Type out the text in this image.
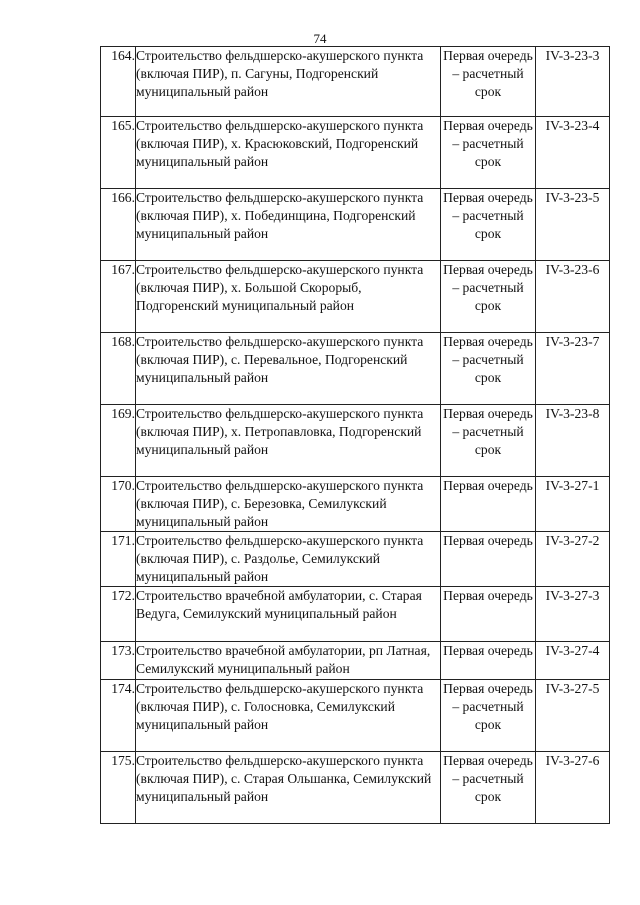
74
164.	Строительство фельдшерско-акушерского пункта (включая ПИР), п. Сагуны, Подгоренский муниципальный район	Первая очередь – расчетный срок	IV-3-23-3
165.	Строительство фельдшерско-акушерского пункта (включая ПИР), х. Красюковский, Подгоренский муниципальный район	Первая очередь – расчетный срок	IV-3-23-4
166.	Строительство фельдшерско-акушерского пункта (включая ПИР), х. Побединщина, Подгоренский муниципальный район	Первая очередь – расчетный срок	IV-3-23-5
167.	Строительство фельдшерско-акушерского пункта (включая ПИР), х. Большой Скорорыб, Подгоренский муниципальный район	Первая очередь – расчетный срок	IV-3-23-6
168.	Строительство фельдшерско-акушерского пункта (включая ПИР), с. Перевальное, Подгоренский муниципальный район	Первая очередь – расчетный срок	IV-3-23-7
169.	Строительство фельдшерско-акушерского пункта (включая ПИР), х. Петропавловка, Подгоренский муниципальный район	Первая очередь – расчетный срок	IV-3-23-8
170.	Строительство фельдшерско-акушерского пункта (включая ПИР), с. Березовка, Семилукский муниципальный район	Первая очередь	IV-3-27-1
171.	Строительство фельдшерско-акушерского пункта (включая ПИР), с. Раздолье, Семилукский муниципальный район	Первая очередь	IV-3-27-2
172.	Строительство врачебной амбулатории, с. Старая Ведуга, Семилукский муниципальный район	Первая очередь	IV-3-27-3
173.	Строительство врачебной амбулатории, рп Латная, Семилукский муниципальный район	Первая очередь	IV-3-27-4
174.	Строительство фельдшерско-акушерского пункта (включая ПИР), с. Голосновка, Семилукский муниципальный район	Первая очередь – расчетный срок	IV-3-27-5
175.	Строительство фельдшерско-акушерского пункта (включая ПИР), с. Старая Ольшанка, Семилукский муниципальный район	Первая очередь – расчетный срок	IV-3-27-6
